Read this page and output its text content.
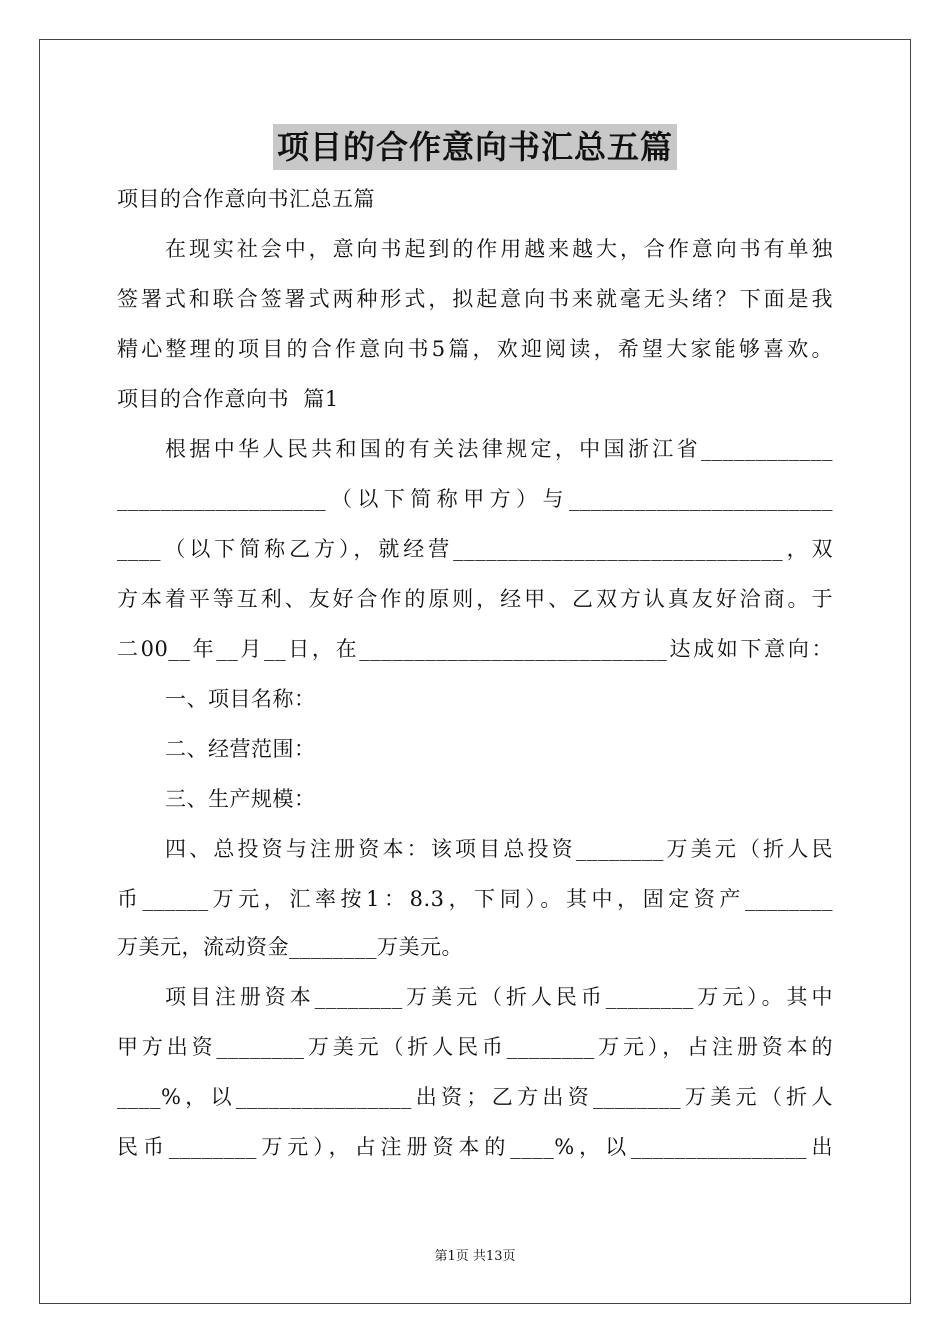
项目的合作意向书汇总五篇
项目的合作意向书汇总五篇
在现实社会中，意向书起到的作用越来越大，合作意向书有单独
签署式和联合签署式两种形式，拟起意向书来就毫无头绪？下面是我
精心整理的项目的合作意向书5篇，欢迎阅读，希望大家能够喜欢。
项目的合作意向书  篇1
根据中华人民共和国的有关法律规定，中国浙江省____________
___________________（以下简称甲方）与________________________
____（以下简称乙方），就经营______________________________，双
方本着平等互利、友好合作的原则，经甲、乙双方认真友好洽商。于
二00__年__月__日，在____________________________达成如下意向：
一、项目名称：
二、经营范围：
三、生产规模：
四、总投资与注册资本：该项目总投资________万美元（折人民
币______万元，汇率按1：8.3，下同）。其中，固定资产________
万美元，流动资金________万美元。
项目注册资本________万美元（折人民币________万元）。其中
甲方出资________万美元（折人民币________万元），占注册资本的
____%，以________________出资；乙方出资________万美元（折人
民币________万元），占注册资本的____%，以________________出
第1页 共13页
